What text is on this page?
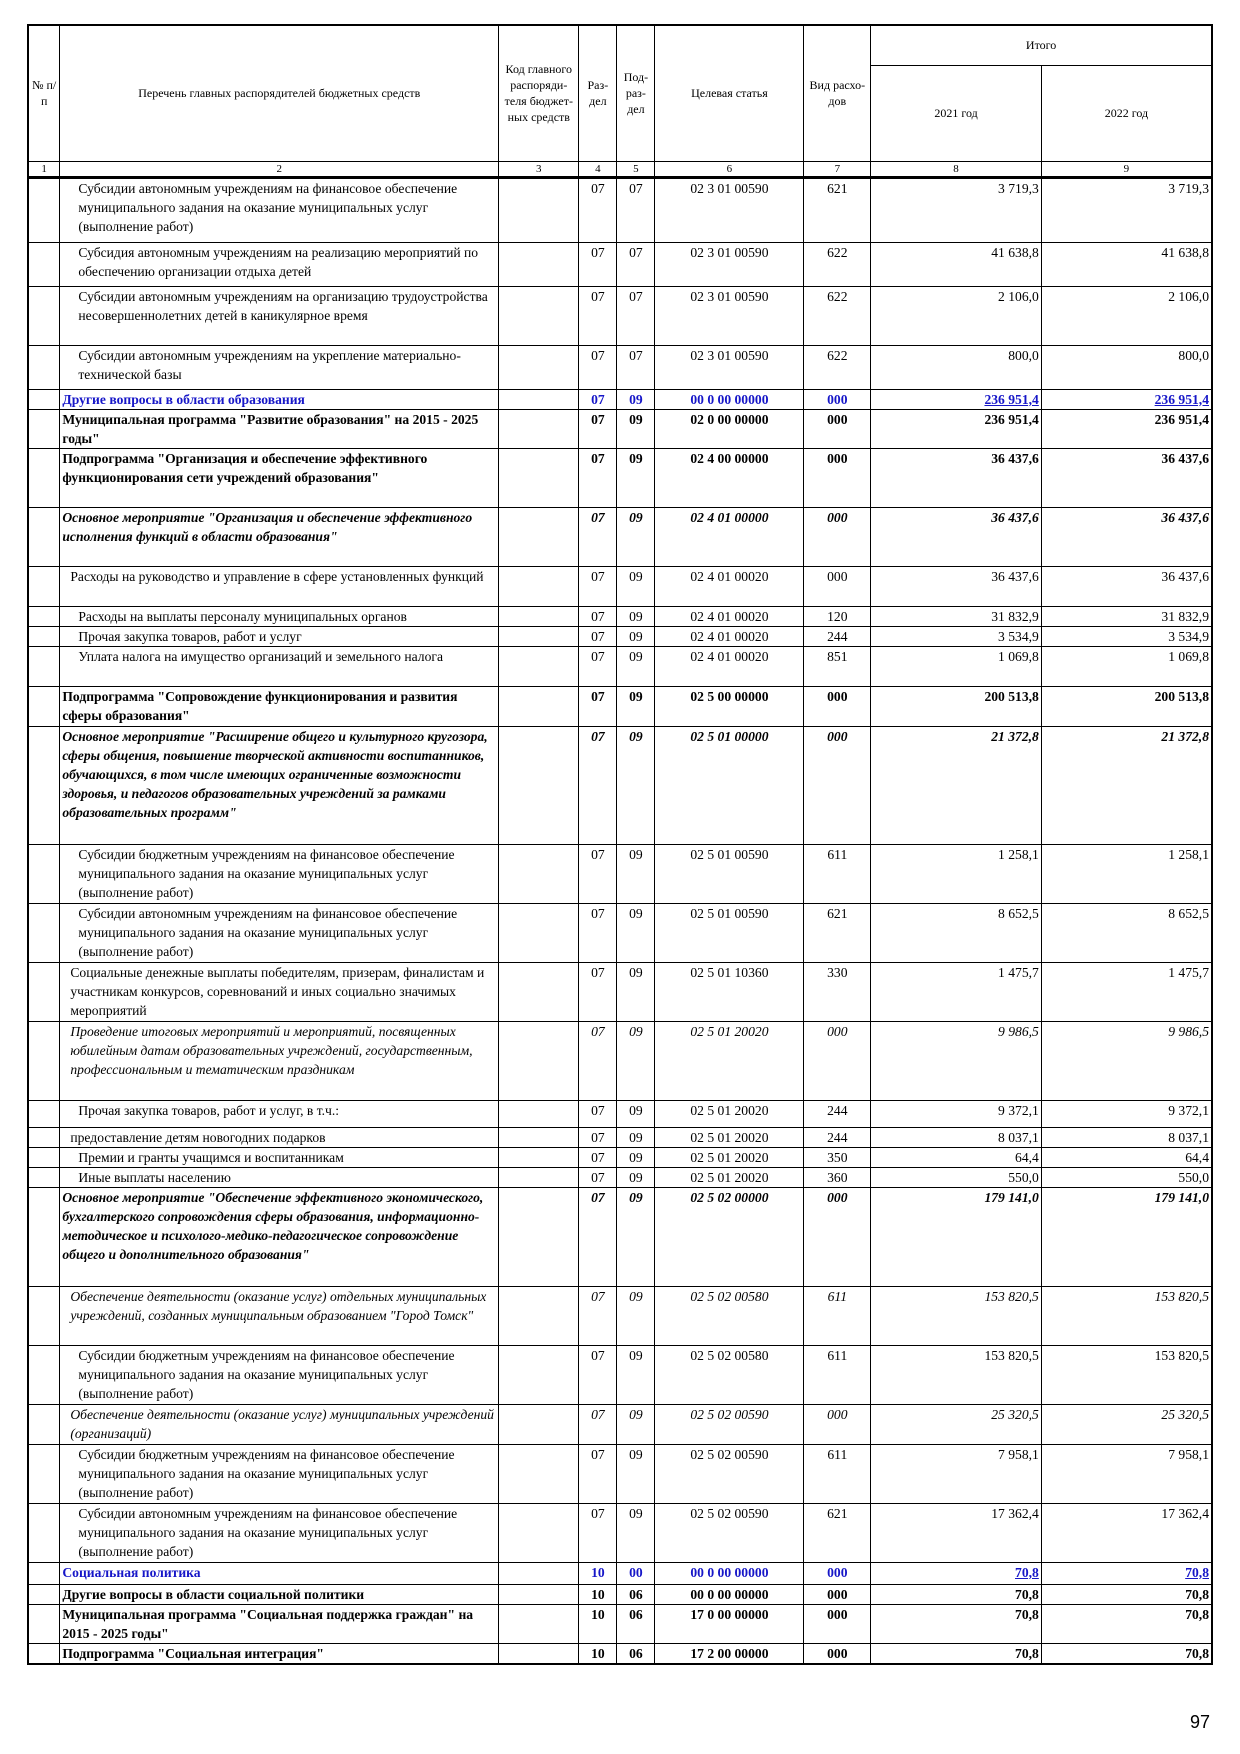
№ п/п	Перечень главных распорядителей бюджетных средств	Код главного распоряди-теля бюджет-ных средств	Раз-дел	Под-раз-дел	Целевая статья	Вид расхо-дов	Итого	
							2021 год	2022 год
1	2	3	4	5	6	7	8	9
	Субсидии автономным учреждениям на финансовое обеспечение муниципального задания на оказание муниципальных услуг (выполнение работ)		07	07	02 3 01 00590	621	3 719,3	3 719,3
	Субсидия автономным учреждениям на реализацию мероприятий по обеспечению организации отдыха детей		07	07	02 3 01 00590	622	41 638,8	41 638,8
	Субсидии автономным учреждениям на организацию трудоустройства несовершеннолетних детей в каникулярное время		07	07	02 3 01 00590	622	2 106,0	2 106,0
	Субсидии автономным учреждениям на укрепление материально-технической базы		07	07	02 3 01 00590	622	800,0	800,0
	Другие вопросы в области образования		07	09	00 0 00 00000	000	236 951,4	236 951,4
	Муниципальная программа "Развитие образования" на 2015 - 2025 годы"		07	09	02 0 00 00000	000	236 951,4	236 951,4
	Подпрограмма "Организация и обеспечение эффективного функционирования сети учреждений образования"		07	09	02 4 00 00000	000	36 437,6	36 437,6
	Основное мероприятие "Организация и обеспечение эффективного исполнения функций в области образования"		07	09	02 4 01 00000	000	36 437,6	36 437,6
	Расходы на руководство и управление в сфере установленных функций		07	09	02 4 01 00020	000	36 437,6	36 437,6
	Расходы на выплаты персоналу муниципальных органов		07	09	02 4 01 00020	120	31 832,9	31 832,9
	Прочая закупка товаров, работ и услуг		07	09	02 4 01 00020	244	3 534,9	3 534,9
	Уплата налога на имущество организаций и земельного налога		07	09	02 4 01 00020	851	1 069,8	1 069,8
	Подпрограмма "Сопровождение функционирования и развития сферы образования"		07	09	02 5 00 00000	000	200 513,8	200 513,8
	Основное мероприятие "Расширение общего и культурного кругозора, сферы общения, повышение творческой активности воспитанников, обучающихся, в том числе имеющих ограниченные возможности здоровья, и педагогов образовательных учреждений за рамками образовательных программ"		07	09	02 5 01 00000	000	21 372,8	21 372,8
	Субсидии бюджетным учреждениям на финансовое обеспечение муниципального задания на оказание муниципальных услуг (выполнение работ)		07	09	02 5 01 00590	611	1 258,1	1 258,1
	Субсидии автономным учреждениям на финансовое обеспечение муниципального задания на оказание муниципальных услуг (выполнение работ)		07	09	02 5 01 00590	621	8 652,5	8 652,5
	Социальные денежные выплаты победителям, призерам, финалистам и участникам конкурсов, соревнований и иных социально значимых мероприятий		07	09	02 5 01 10360	330	1 475,7	1 475,7
	Проведение итоговых мероприятий и мероприятий, посвященных юбилейным датам образовательных учреждений, государственным, профессиональным и тематическим праздникам		07	09	02 5 01 20020	000	9 986,5	9 986,5
	Прочая закупка товаров, работ и услуг, в т.ч.:		07	09	02 5 01 20020	244	9 372,1	9 372,1
	предоставление детям новогодних подарков		07	09	02 5 01 20020	244	8 037,1	8 037,1
	Премии и гранты учащимся и воспитанникам		07	09	02 5 01 20020	350	64,4	64,4
	Иные выплаты населению		07	09	02 5 01 20020	360	550,0	550,0
	Основное мероприятие "Обеспечение эффективного экономического, бухгалтерского сопровождения сферы образования, информационно-методическое и психолого-медико-педагогическое сопровождение общего и дополнительного образования"		07	09	02 5 02 00000	000	179 141,0	179 141,0
	Обеспечение деятельности (оказание услуг) отдельных муниципальных учреждений, созданных муниципальным образованием "Город Томск"		07	09	02 5 02 00580	611	153 820,5	153 820,5
	Субсидии бюджетным учреждениям на финансовое обеспечение муниципального задания на оказание муниципальных услуг (выполнение работ)		07	09	02 5 02 00580	611	153 820,5	153 820,5
	Обеспечение деятельности (оказание услуг) муниципальных учреждений (организаций)		07	09	02 5 02 00590	000	25 320,5	25 320,5
	Субсидии бюджетным учреждениям на финансовое обеспечение муниципального задания на оказание муниципальных услуг (выполнение работ)		07	09	02 5 02 00590	611	7 958,1	7 958,1
	Субсидии автономным учреждениям на финансовое обеспечение муниципального задания на оказание муниципальных услуг (выполнение работ)		07	09	02 5 02 00590	621	17 362,4	17 362,4
	Социальная политика		10	00	00 0 00 00000	000	70,8	70,8
	Другие вопросы в области социальной политики		10	06	00 0 00 00000	000	70,8	70,8
	Муниципальная программа "Социальная поддержка граждан" на 2015 - 2025 годы"		10	06	17 0 00 00000	000	70,8	70,8
	Подпрограмма "Социальная интеграция"		10	06	17 2 00 00000	000	70,8	70,8
97
